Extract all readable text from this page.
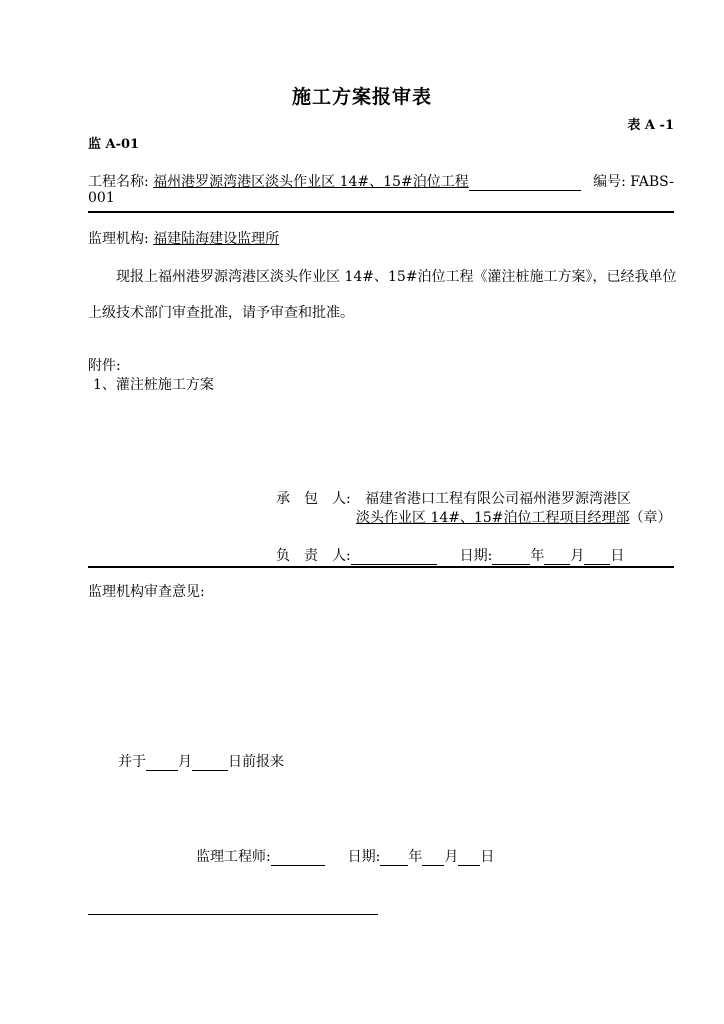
施工方案报审表
表 A -1
监 A-01
工程名称: 福州港罗源湾港区淡头作业区 14#、15#泊位工程	编号: FABS-
001
监理机构: 福建陆海建设监理所
现报上福州港罗源湾港区淡头作业区 14#、15#泊位工程《灌注桩施工方案》，已经我单位
上级技术部门审查批准，请予审查和批准。
附件:
1、灌注桩施工方案
承　包　人: 福建省港口工程有限公司福州港罗源湾港区
淡头作业区 14#、15#泊位工程项目经理部（章）
负　责　人:	日期:	年 月 日
监理机构审查意见:
并于 月	日前报来
监理工程师:	日期: 年 月 日
